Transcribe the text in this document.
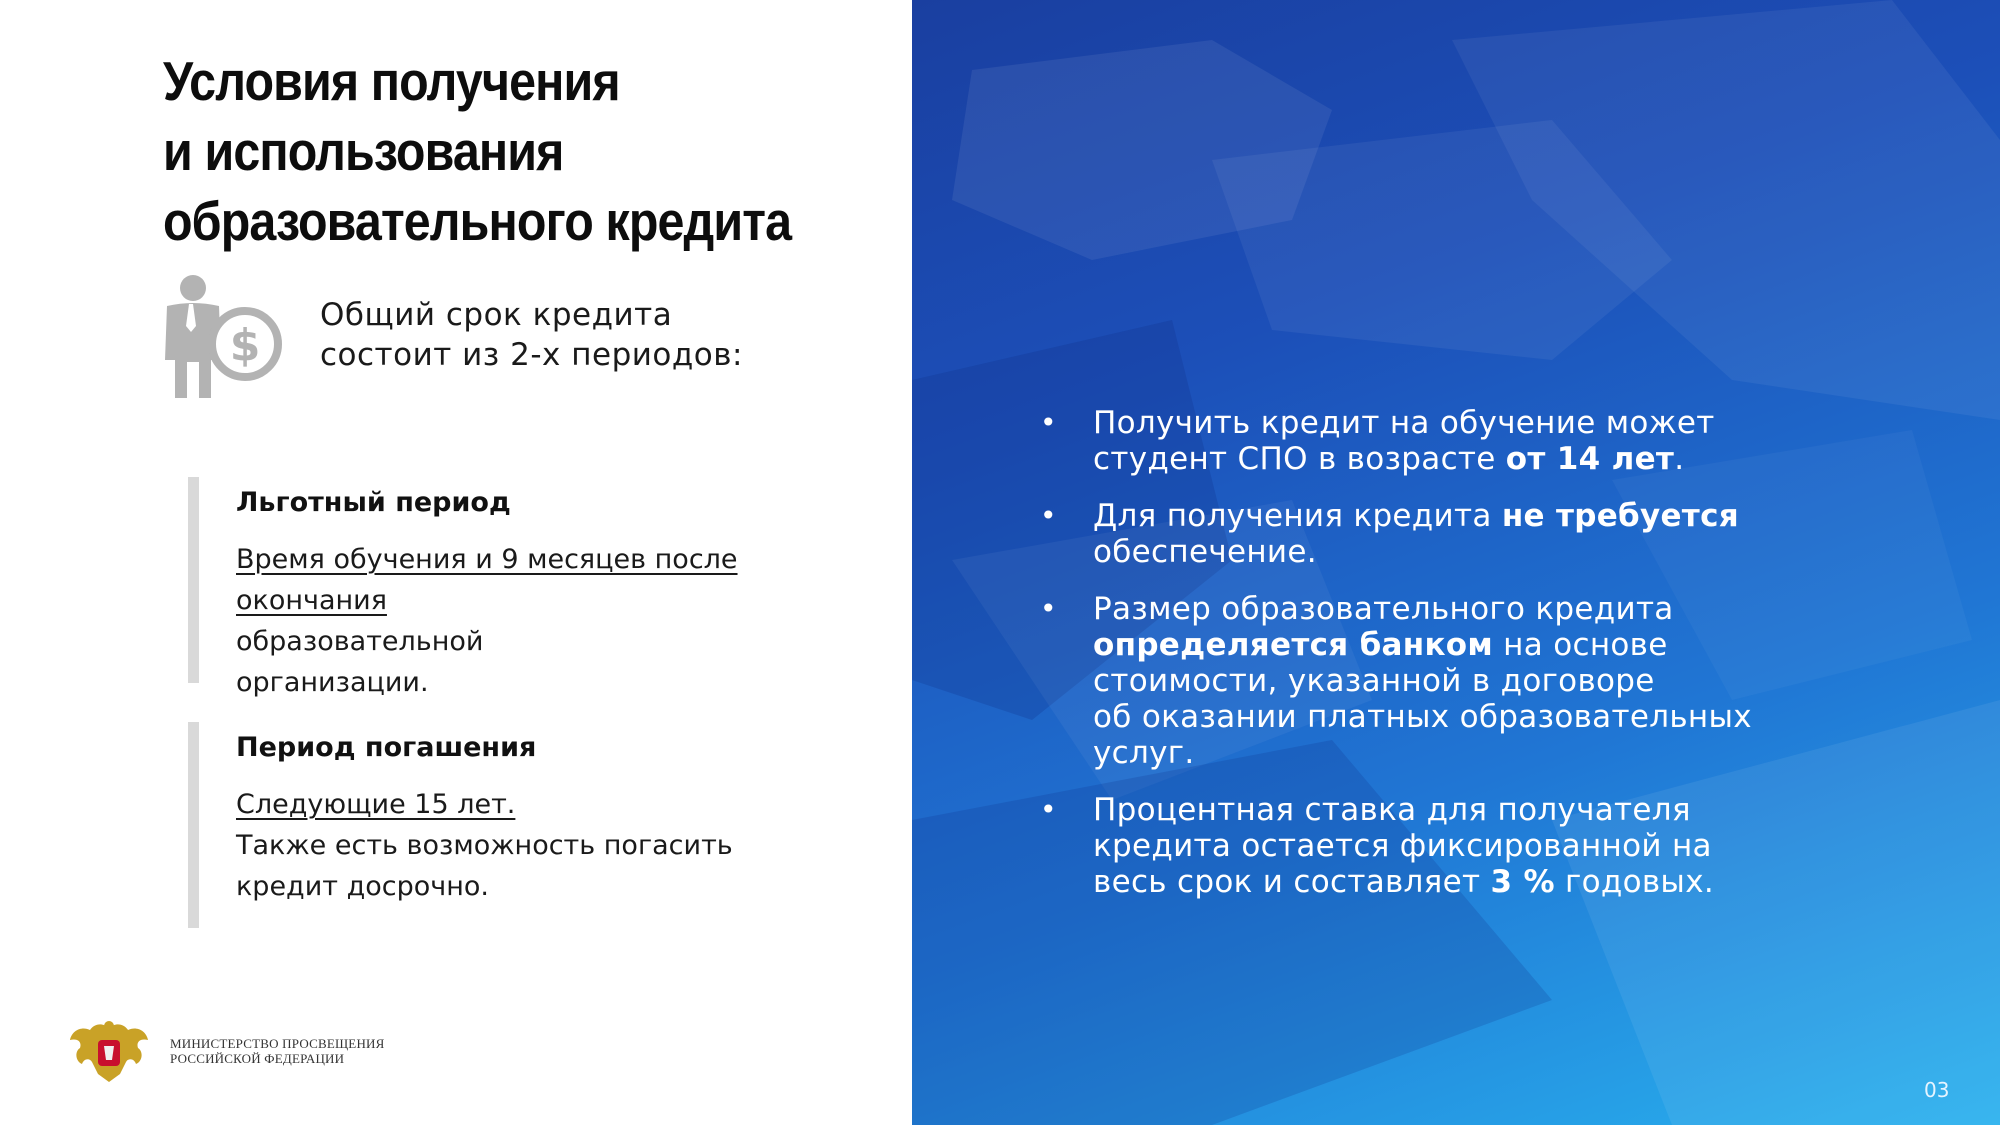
Условия получения
и использования
образовательного кредита
$
Общий срок кредита
состоит из 2-х периодов:
Льготный период
Время обучения и 9 месяцев после
окончания
образовательной
организации.
Период погашения
Следующие 15 лет.
Также есть возможность погасить
кредит досрочно.
МИНИСТЕРСТВО ПРОСВЕЩЕНИЯ
РОССИЙСКОЙ ФЕДЕРАЦИИ
• Получить кредит на обучение может
студент СПО в возрасте от 14 лет.
• Для получения кредита не требуется
обеспечение.
• Размер образовательного кредита
определяется банком на основе
стоимости, указанной в договоре
об оказании платных образовательных
услуг.
• Процентная ставка для получателя
кредита остается фиксированной на
весь срок и составляет 3 % годовых.
03
